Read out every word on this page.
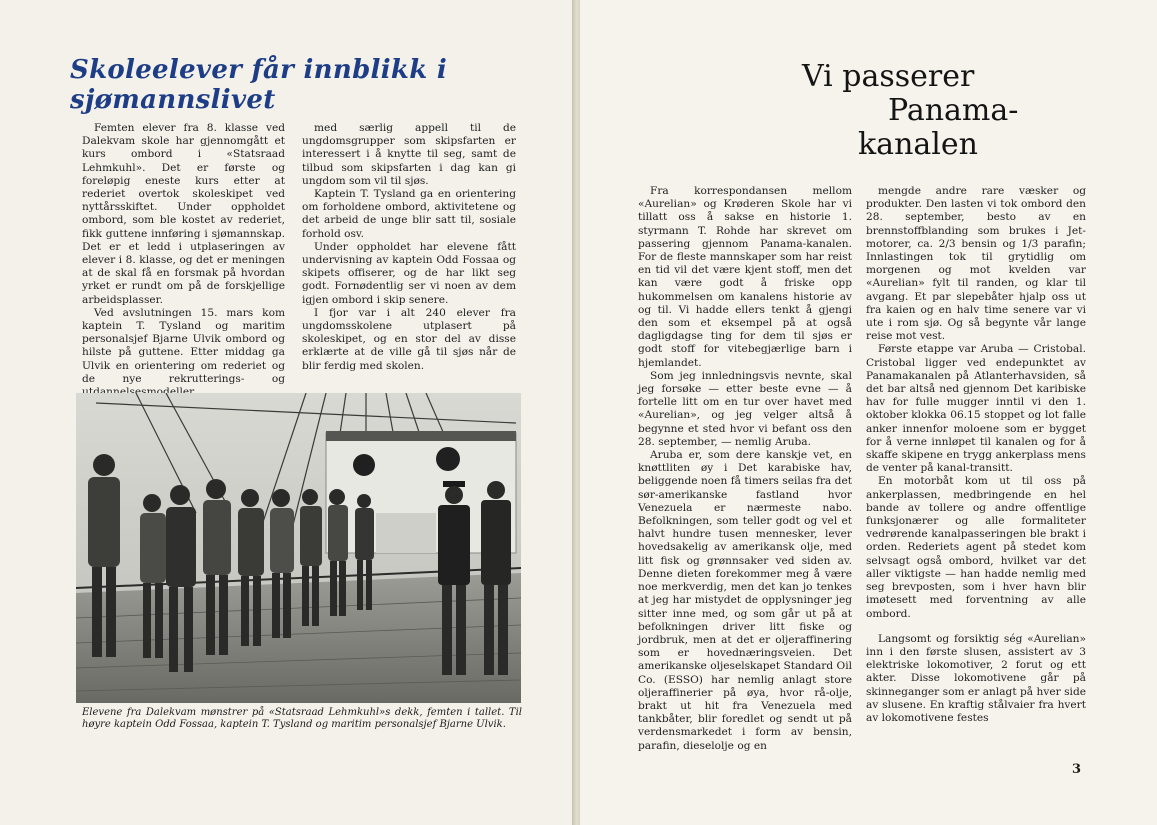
Skoleelever får innblikk i sjømannslivet

Femten elever fra 8. klasse ved Dalekvam skole har gjennomgått et kurs ombord i «Statsraad Lehmkuhl». Det er første og foreløpig eneste kurs etter at rederiet overtok skoleskipet ved nyttårsskiftet. Under oppholdet ombord, som ble kostet av rederiet, fikk guttene innføring i sjømannskap. Det er et ledd i utplaseringen av elever i 8. klasse, og det er meningen at de skal få en forsmak på hvordan yrket er rundt om på de forskjellige arbeidsplasser.

Ved avslutningen 15. mars kom kaptein T. Tysland og maritim personalsjef Bjarne Ulvik ombord og hilste på guttene. Etter middag ga Ulvik en orientering om rederiet og de nye rekrutterings- og

med særlig appell til de ungdomsgrupper som skipsfarten er interessert i å knytte til seg, samt de tilbud som skipsfarten i dag kan gi ungdom som vil til sjøs.

Kaptein T. Tysland ga en orientering om forholdene ombord, aktivitetene og det arbeid de unge blir satt til, sosiale forhold osv.

Under oppholdet har elevene fått undervisning av kaptein Odd Fossaa og skipets offiserer, og de har likt seg godt. Fornødentlig ser vi noen av dem igjen ombord i skip senere.

I fjor var i alt 240 elever fra ungdomsskolene utplasert på skoleskipet, og en stor del av disse erklærte at de ville gå til sjøs når de blir ferdig med skolen.

Elevene fra Dalekvam mønstrer på «Statsraad Lehmkuhl»s dekk, femten i tallet. Til høyre kaptein Odd Fossaa, kaptein T. Tysland og maritim personalsjef Bjarne Ulvik.

Vi passerer
Panama-
kanalen

Fra korrespondansen mellom «Aurelian» og Krøderen Skole har vi tillatt oss å sakse en historie 1. styrmann T. Rohde har skrevet om passering gjennom Panama-kanalen. For de fleste mannskaper som har reist en tid vil det være kjent stoff, men det kan være godt å friske opp hukommelsen om kanalens historie av og til. Vi hadde ellers tenkt å gjengi den som et eksempel på at også dagligdagse ting for dem til sjøs er godt stoff for vitebegjærlige barn i hjemlandet.

Som jeg innledningsvis nevnte, skal jeg forsøke — etter beste evne — å fortelle litt om en tur over havet med «Aurelian», og jeg velger altså å begynne et sted hvor vi befant oss den 28. september, — nemlig Aruba.

Aruba er, som dere kanskje vet, en knøttliten øy i Det karabiske hav, beliggende noen få timers seilas fra det sør-amerikanske fastland hvor Venezuela er nærmeste nabo. Befolkningen, som teller godt og vel et halvt hundre tusen mennesker, lever hovedsakelig av amerikansk olje, med litt fisk og grønnsaker ved siden av. Denne dieten forekommer meg å være noe merkverdig, men det kan jo tenkes at jeg har mistydet de opplysninger jeg sitter inne med, og som går ut på at befolkningen driver litt fiske og jordbruk, men at det er oljeraffinering som er hovednæringsveien. Det amerikanske oljeselskapet Standard Oil Co. (ESSO) har nemlig anlagt store oljeraffinerier på øya, hvor rå-olje, brakt ut hit fra Venezuela med tankbåter, blir foredlet og sendt ut på verdensmarkedet i form av bensin, parafin, dieselolje og en

mengde andre rare væsker og produkter. Den lasten vi tok ombord den 28. september, besto av en brennstoffblanding som brukes i Jet-motorer, ca. 2/3 bensin og 1/3 parafin; Innlastingen tok til grytidlig om morgenen og mot kvelden var «Aurelian» fylt til randen, og klar til avgang. Et par slepebåter hjalp oss ut fra kaien og en halv time senere var vi ute i rom sjø. Og så begynte vår lange reise mot vest.

Første etappe var Aruba — Cristobal. Cristobal ligger ved endepunktet av Panamakanalen på Atlanterhavsiden, så det bar altså ned gjennom Det karibiske hav for fulle mugger inntil vi den 1. oktober klokka 06.15 stoppet og lot falle anker innenfor moloene som er bygget for å verne innløpet til kanalen og for å skaffe skipene en trygg ankerplass mens de venter på kanal-transitt.

En motorbåt kom ut til oss på ankerplassen, medbringende en hel bande av tollere og andre offentlige funksjonærer og alle formaliteter vedrørende kanalpasseringen ble brakt i orden. Rederiets agent på stedet kom selvsagt også ombord, hvilket var det aller viktigste — han hadde nemlig med seg brevposten, som i hver havn blir imøtesett med forventning av alle ombord.

Langsomt og forsiktig ség «Aurelian» inn i den første slusen, assistert av 3 elektriske lokomotiver, 2 forut og ett akter. Disse lokomotivene går på skinneganger som er anlagt på hver side av slusene. En kraftig stålvaier fra hvert av lokomotivene festes

3
